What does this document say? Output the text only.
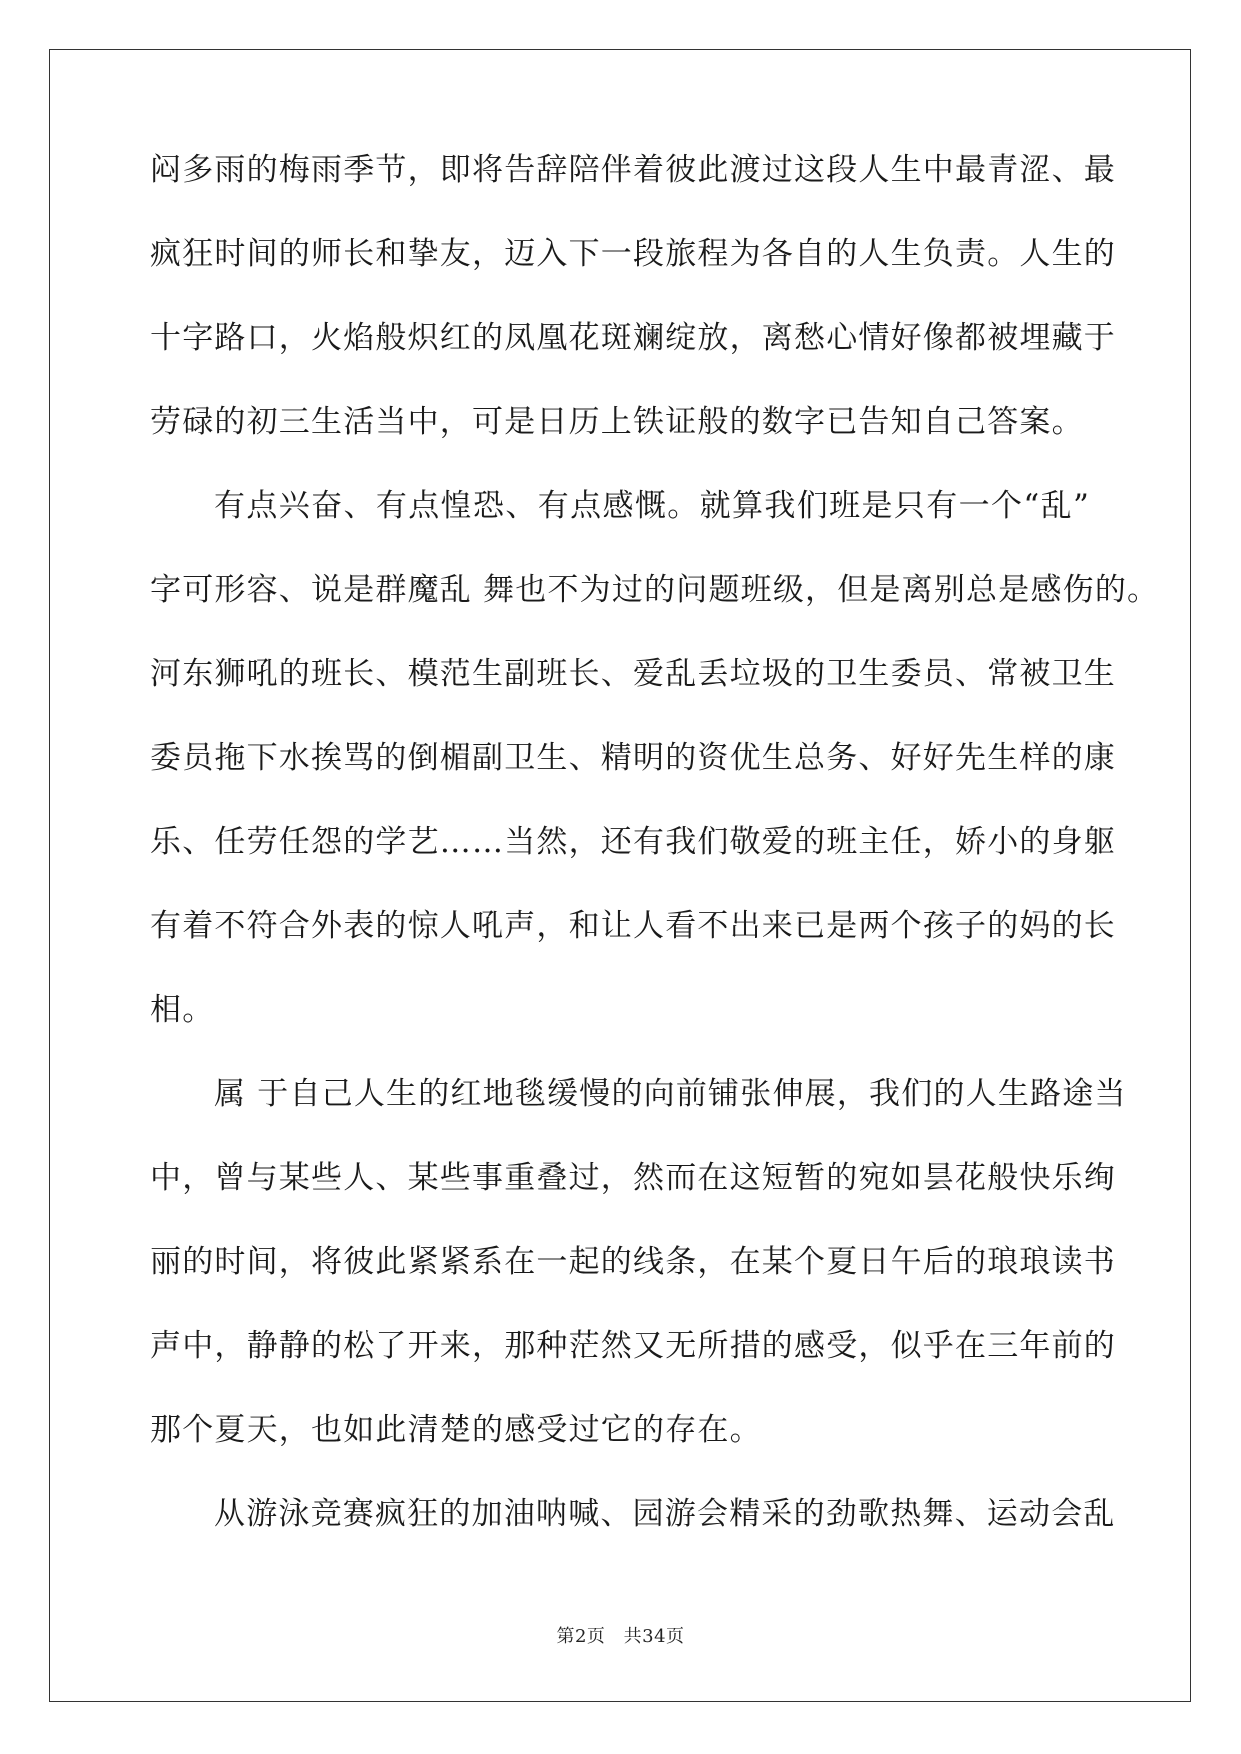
闷多雨的梅雨季节，即将告辞陪伴着彼此渡过这段人生中最青涩、最
疯狂时间的师长和挚友，迈入下一段旅程为各自的人生负责。人生的
十字路口，火焰般炽红的凤凰花斑斓绽放，离愁心情好像都被埋藏于
劳碌的初三生活当中，可是日历上铁证般的数字已告知自己答案。
有点兴奋、有点惶恐、有点感慨。就算我们班是只有一个“乱”
字可形容、说是群魔乱 舞也不为过的问题班级，但是离别总是感伤的。
河东狮吼的班长、模范生副班长、爱乱丢垃圾的卫生委员、常被卫生
委员拖下水挨骂的倒楣副卫生、精明的资优生总务、好好先生样的康
乐、任劳任怨的学艺……当然，还有我们敬爱的班主任，娇小的身躯
有着不符合外表的惊人吼声，和让人看不出来已是两个孩子的妈的长
相。
属 于自己人生的红地毯缓慢的向前铺张伸展，我们的人生路途当
中，曾与某些人、某些事重叠过，然而在这短暂的宛如昙花般快乐绚
丽的时间，将彼此紧紧系在一起的线条，在某个夏日午后的琅琅读书
声中，静静的松了开来，那种茫然又无所措的感受，似乎在三年前的
那个夏天，也如此清楚的感受过它的存在。
从游泳竞赛疯狂的加油呐喊、园游会精采的劲歌热舞、运动会乱
第2页 共34页
